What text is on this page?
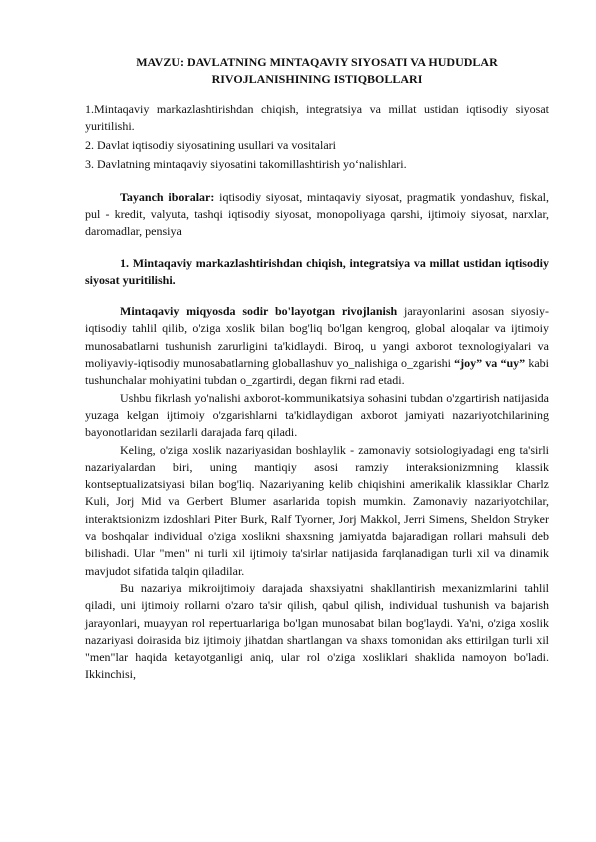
MAVZU: DAVLATNING MINTAQAVIY SIYOSATI VA HUDUDLAR RIVOJLANISHINING ISTIQBOLLARI
1.Mintaqaviy markazlashtirishdan chiqish, integratsiya va millat ustidan iqtisodiy siyosat yuritilishi.
2. Davlat iqtisodiy siyosatining usullari va vositalari
3. Davlatning mintaqaviy siyosatini takomillashtirish yo‘nalishlari.

Tayanch iboralar: iqtisodiy siyosat, mintaqaviy siyosat, pragmatik yondashuv, fiskal, pul - kredit, valyuta, tashqi iqtisodiy siyosat, monopoliyaga qarshi, ijtimoiy siyosat, narxlar, daromadlar, pensiya

1. Mintaqaviy markazlashtirishdan chiqish, integratsiya va millat ustidan iqtisodiy siyosat yuritilishi.

Mintaqaviy miqyosda sodir bo'layotgan rivojlanish jarayonlarini asosan siyosiy-iqtisodiy tahlil qilib, o'ziga xoslik bilan bog'liq bo'lgan kengroq, global aloqalar va ijtimoiy munosabatlarni tushunish zarurligini ta'kidlaydi. Biroq, u yangi axborot texnologiyalari va moliyaviy-iqtisodiy munosabatlarning globallashuv yo_nalishiga o_zgarishi “joy” va “uy” kabi tushunchalar mohiyatini tubdan o_zgartirdi, degan fikrni rad etadi.

Ushbu fikrlash yo'nalishi axborot-kommunikatsiya sohasini tubdan o'zgartirish natijasida yuzaga kelgan ijtimoiy o'zgarishlarni ta'kidlaydigan axborot jamiyati nazariyotchilarining bayonotlaridan sezilarli darajada farq qiladi.

Keling, o'ziga xoslik nazariyasidan boshlaylik - zamonaviy sotsiologiyadagi eng ta'sirli nazariyalardan biri, uning mantiqiy asosi ramziy interaksionizmning klassik kontseptualizatsiyasi bilan bog'liq. Nazariyaning kelib chiqishini amerikalik klassiklar Charlz Kuli, Jorj Mid va Gerbert Blumer asarlarida topish mumkin. Zamonaviy nazariyotchilar, interaktsionizm izdoshlari Piter Burk, Ralf Tyorner, Jorj Makkol, Jerri Simens, Sheldon Stryker va boshqalar individual o'ziga xoslikni shaxsning jamiyatda bajaradigan rollari mahsuli deb bilishadi. Ular "men" ni turli xil ijtimoiy ta'sirlar natijasida farqlanadigan turli xil va dinamik mavjudot sifatida talqin qiladilar.

Bu nazariya mikroijtimoiy darajada shaxsiyatni shakllantirish mexanizmlarini tahlil qiladi, uni ijtimoiy rollarni o'zaro ta'sir qilish, qabul qilish, individual tushunish va bajarish jarayonlari, muayyan rol repertuarlariga bo'lgan munosabat bilan bog'laydi. Ya'ni, o'ziga xoslik nazariyasi doirasida biz ijtimoiy jihatdan shartlangan va shaxs tomonidan aks ettirilgan turli xil "men"lar haqida ketayotganligi aniq, ular rol o'ziga xosliklari shaklida namoyon bo'ladi. Ikkinchisi,
